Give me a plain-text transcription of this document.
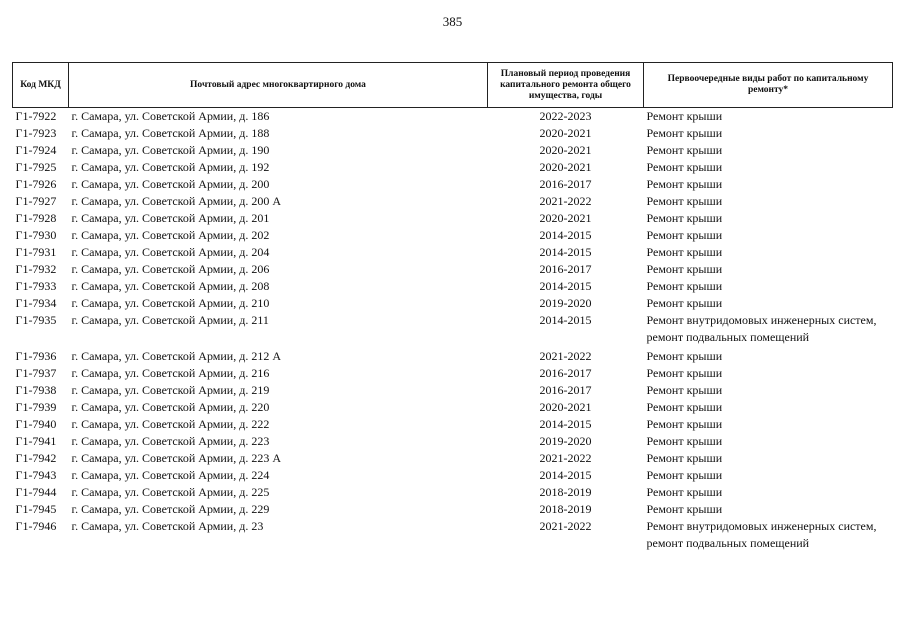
385
Код МКД	Почтовый адрес многоквартирного дома	Плановый период проведения капитального ремонта общего имущества, годы	Первоочередные виды работ по капитальному ремонту*
Г1-7922	г. Самара, ул. Советской Армии, д. 186	2022-2023	Ремонт крыши
Г1-7923	г. Самара, ул. Советской Армии, д. 188	2020-2021	Ремонт крыши
Г1-7924	г. Самара, ул. Советской Армии, д. 190	2020-2021	Ремонт крыши
Г1-7925	г. Самара, ул. Советской Армии, д. 192	2020-2021	Ремонт крыши
Г1-7926	г. Самара, ул. Советской Армии, д. 200	2016-2017	Ремонт крыши
Г1-7927	г. Самара, ул. Советской Армии, д. 200 А	2021-2022	Ремонт крыши
Г1-7928	г. Самара, ул. Советской Армии, д. 201	2020-2021	Ремонт крыши
Г1-7930	г. Самара, ул. Советской Армии, д. 202	2014-2015	Ремонт крыши
Г1-7931	г. Самара, ул. Советской Армии, д. 204	2014-2015	Ремонт крыши
Г1-7932	г. Самара, ул. Советской Армии, д. 206	2016-2017	Ремонт крыши
Г1-7933	г. Самара, ул. Советской Армии, д. 208	2014-2015	Ремонт крыши
Г1-7934	г. Самара, ул. Советской Армии, д. 210	2019-2020	Ремонт крыши
Г1-7935	г. Самара, ул. Советской Армии, д. 211	2014-2015	Ремонт внутридомовых инженерных систем, ремонт подвальных помещений
Г1-7936	г. Самара, ул. Советской Армии, д. 212 А	2021-2022	Ремонт крыши
Г1-7937	г. Самара, ул. Советской Армии, д. 216	2016-2017	Ремонт крыши
Г1-7938	г. Самара, ул. Советской Армии, д. 219	2016-2017	Ремонт крыши
Г1-7939	г. Самара, ул. Советской Армии, д. 220	2020-2021	Ремонт крыши
Г1-7940	г. Самара, ул. Советской Армии, д. 222	2014-2015	Ремонт крыши
Г1-7941	г. Самара, ул. Советской Армии, д. 223	2019-2020	Ремонт крыши
Г1-7942	г. Самара, ул. Советской Армии, д. 223 А	2021-2022	Ремонт крыши
Г1-7943	г. Самара, ул. Советской Армии, д. 224	2014-2015	Ремонт крыши
Г1-7944	г. Самара, ул. Советской Армии, д. 225	2018-2019	Ремонт крыши
Г1-7945	г. Самара, ул. Советской Армии, д. 229	2018-2019	Ремонт крыши
Г1-7946	г. Самара, ул. Советской Армии, д. 23	2021-2022	Ремонт внутридомовых инженерных систем, ремонт подвальных помещений
